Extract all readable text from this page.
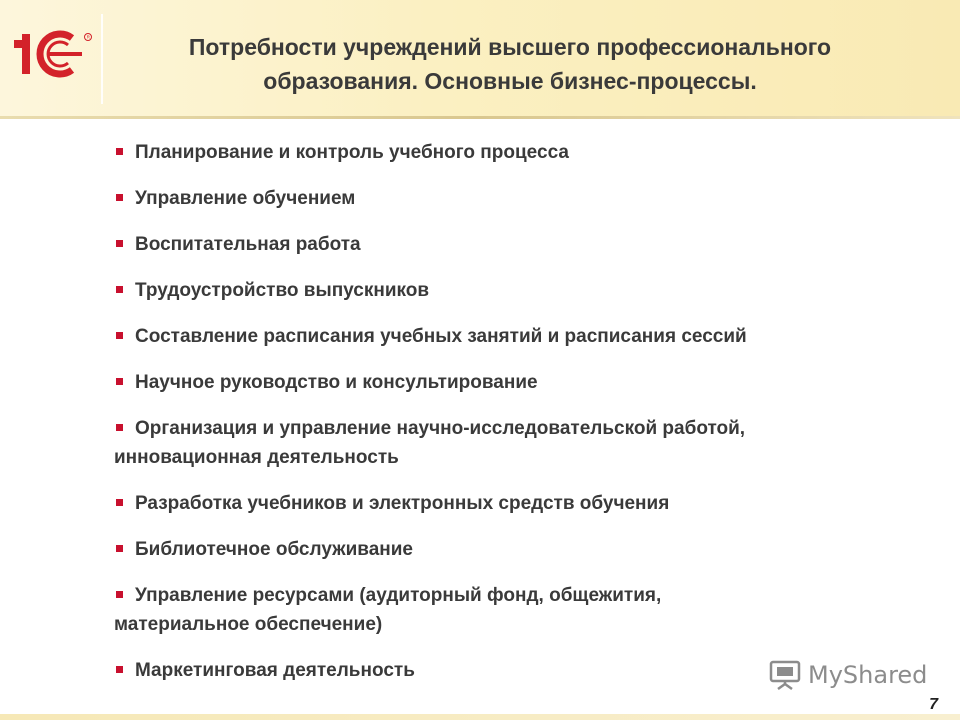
R	Потребности учреждений высшего профессионального
образования. Основные бизнес-процессы.
Планирование и контроль учебного процесса
Управление обучением
Воспитательная работа
Трудоустройство выпускников
Составление расписания учебных занятий и расписания сессий
Научное руководство и консультирование
Организация и управление научно-исследовательской работой,
инновационная деятельность
Разработка учебников и электронных средств обучения
Библиотечное обслуживание
Управление ресурсами (аудиторный фонд, общежития,
материальное обеспечение)
Маркетинговая деятельность	MyShared
7
